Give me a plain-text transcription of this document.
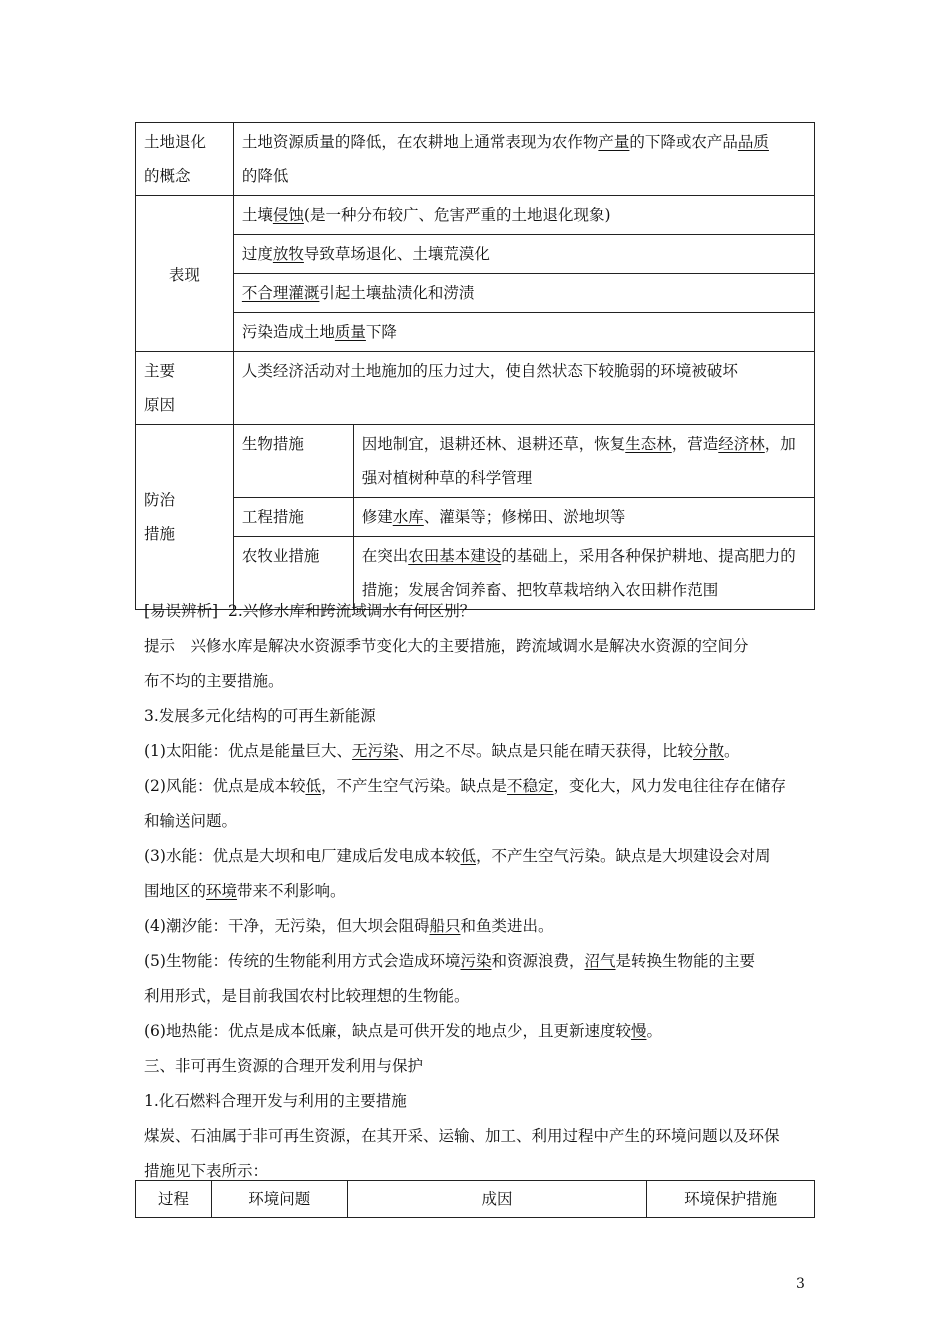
土地退化
的概念	土地资源质量的降低，在农耕地上通常表现为农作物产量的下降或农产品品质
的降低	

表现	土壤侵蚀(是一种分布较广、危害严重的土地退化现象)	

	过度放牧导致草场退化、土壤荒漠化	

	不合理灌溉引起土壤盐渍化和涝渍	

	污染造成土地质量下降	

主要
原因	人类经济活动对土地施加的压力过大，使自然状态下较脆弱的环境被破坏	

防治
措施	生物措施	因地制宜，退耕还林、退耕还草，恢复生态林，营造经济林，加强对植树种草的科学管理

	工程措施	修建水库、灌渠等；修梯田、淤地坝等

	农牧业措施	在突出农田基本建设的基础上，采用各种保护耕地、提高肥力的措施；发展舍饲养畜、把牧草栽培纳入农田耕作范围
[易误辨析] 2.兴修水库和跨流域调水有何区别？
提示　兴修水库是解决水资源季节变化大的主要措施，跨流域调水是解决水资源的空间分
布不均的主要措施。
3.发展多元化结构的可再生新能源
(1)太阳能：优点是能量巨大、无污染、用之不尽。缺点是只能在晴天获得，比较分散。
(2)风能：优点是成本较低，不产生空气污染。缺点是不稳定，变化大，风力发电往往存在储存
和输送问题。
(3)水能：优点是大坝和电厂建成后发电成本较低，不产生空气污染。缺点是大坝建设会对周
围地区的环境带来不利影响。
(4)潮汐能：干净，无污染，但大坝会阻碍船只和鱼类进出。
(5)生物能：传统的生物能利用方式会造成环境污染和资源浪费，沼气是转换生物能的主要
利用形式，是目前我国农村比较理想的生物能。
(6)地热能：优点是成本低廉，缺点是可供开发的地点少，且更新速度较慢。
三、非可再生资源的合理开发利用与保护
1.化石燃料合理开发与利用的主要措施
煤炭、石油属于非可再生资源，在其开采、运输、加工、利用过程中产生的环境问题以及环保
措施见下表所示：
过程	环境问题	成因	环境保护措施
3
